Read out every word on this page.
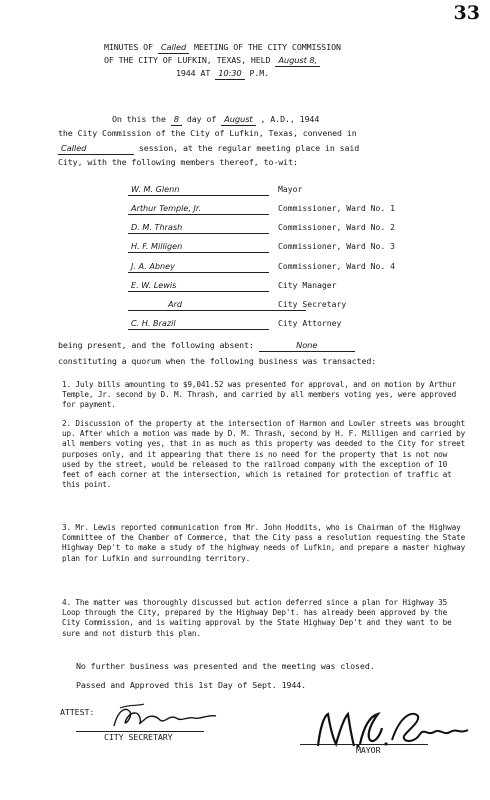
33
MINUTES OF Called MEETING OF THE CITY COMMISSION
OF THE CITY OF LUFKIN, TEXAS, HELD August 8,
1944 AT 10:30 P.M.
On this the 8 day of August , A.D., 1944
the City Commission of the City of Lufkin, Texas, convened in
Called	session, at the regular meeting place in said
City, with the following members thereof, to-wit:
W. M. Glenn	Mayor
Arthur Temple, Jr.	Commissioner, Ward No. 1
D. M. Thrash	Commissioner, Ward No. 2
H. F. Milligen	Commissioner, Ward No. 3
J. A. Abney	Commissioner, Ward No. 4
E. W. Lewis	City Manager
Ard	City Secretary
C. H. Brazil	City Attorney
being present, and the following absent:	None
constituting a quorum when the following business was transacted:
1. July bills amounting to $9,041.52 was presented for approval, and on motion by Arthur Temple, Jr. second by D. M. Thrash, and carried by all members voting yes, were approved for payment.
2. Discussion of the property at the intersection of Harmon and Lowler streets was brought up. After which a motion was made by D. M. Thrash, second by H. F. Milligen and carried by all members voting yes, that in as much as this property was deeded to the City for street purposes only, and it appearing that there is no need for the property that is not now used by the street, would be released to the railroad company with the exception of 10 feet of each corner at the intersection, which is retained for protection of traffic at this point.
3. Mr. Lewis reported communication from Mr. John Hoddits, who is Chairman of the Highway Committee of the Chamber of Commerce, that the City pass a resolution requesting the State Highway Dep't to make a study of the highway needs of Lufkin, and prepare a master highway plan for Lufkin and surrounding territory.
4. The matter was thoroughly discussed but action deferred since a plan for Highway 35 Loop through the City, prepared by the Highway Dep't. has already been approved by the City Commission, and is waiting approval by the State Highway Dep't and they want to be sure and not disturb this plan.
No further business was presented and the meeting was closed.
Passed and Approved this 1st Day of Sept. 1944.
ATTEST:
CITY SECRETARY
MAYOR
